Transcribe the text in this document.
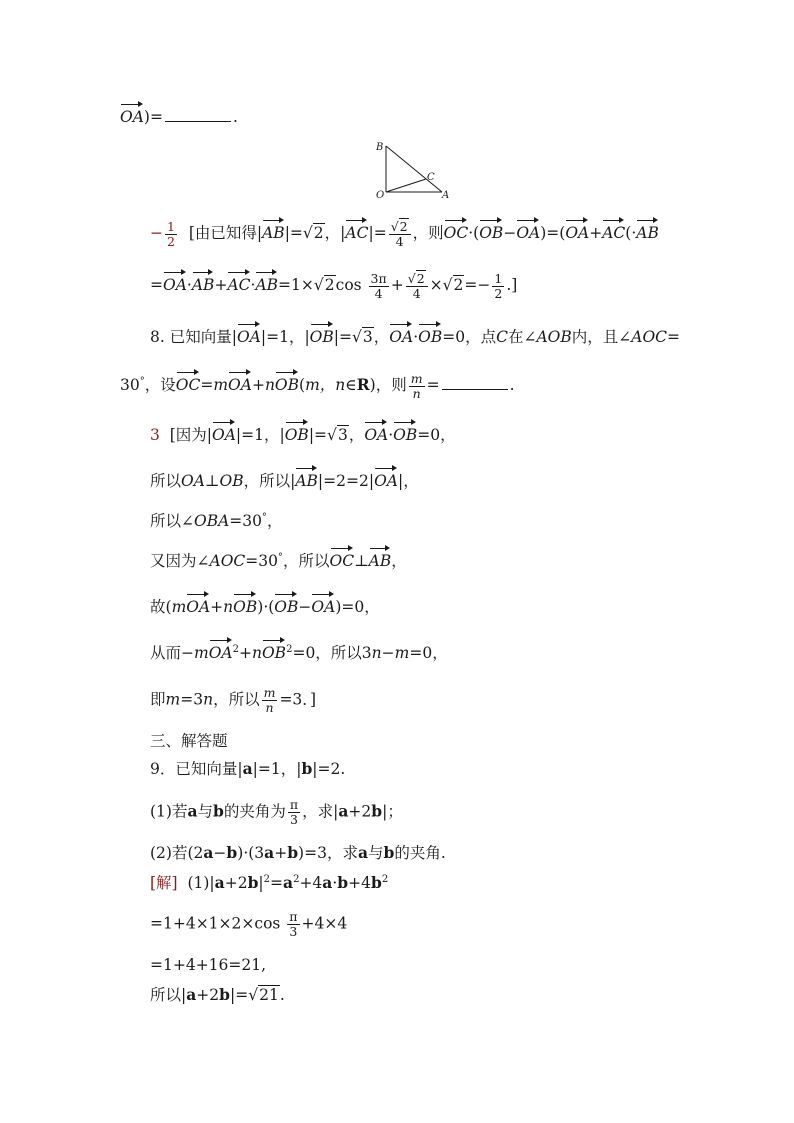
OA)=	.
B
O
C
A
− $\frac{1}{2}$ [由已知得|AB|=√2，$|AC|= \frac{√2}{4}$ ，则OC·(OB−OA)=(OA+AC(·AB
$=OA\cdot AB+AC\cdot AB=1\times√2\cos \frac{3\pi}{4} + \frac{√2}{4} \times√2=- \frac{1}{2}$ .]
8. 已知向量|OA|=1，|OB|=√3，OA·OB=0，点C在∠AOB内，且∠AOC=
30°，设OC=mOA+nOB(m，n∈R)，则 $\frac{m}{n}$ =	.
3 [因为|OA|=1，|OB|=√3，OA·OB=0，
所以OA⊥OB，所以|AB|=2=2|OA|，
所以∠OBA=30°，
又因为∠AOC=30°，所以OC⊥AB，
故(mOA+nOB)·(OB−OA)=0，
从而−mOA$^2$+nOB$^2$=0，所以3n−m=0，
即m=3n，所以 $\frac{m}{n} =3$．]
三、解答题
9．已知向量|a|=1，|b|=2.
(1)若a与b的夹角为 $\frac{\pi}{3}$ ，求|a+2b|；
(2)若(2a−b)·(3a+b)=3，求a与b的夹角.
[解] $(1)|a+2b|^2=a^2+4a\cdot b+4b^2$
$=1+4\times 1\times 2\times\cos \frac{\pi}{3} +4\times 4$
=1+4+16=21,
所以|a+2b|=√21.
